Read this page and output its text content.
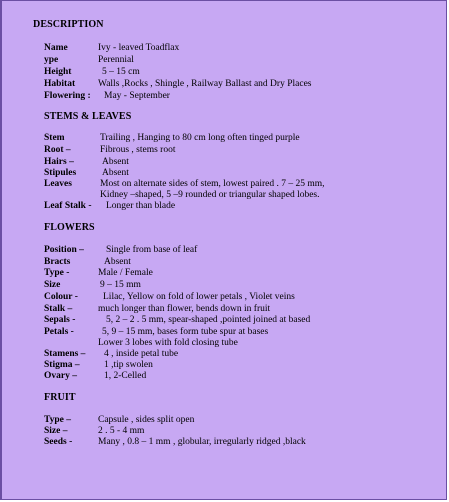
DESCRIPTION
Name	Ivy - leaved Toadflax
ype	Perennial
Height	5 – 15 cm
Habitat Walls ,Rocks , Shingle , Railway Ballast and Dry Places
Flowering : May - September
STEMS & LEAVES
Stem	Trailing , Hanging to 80 cm long often tinged purple
Root –	Fibrous , stems root
Hairs –	Absent
Stipules	Absent
Leaves	Most on alternate sides of stem, lowest paired . 7 – 25 mm,
Kidney –shaped, 5 –9 rounded or triangular shaped lobes.
Leaf Stalk - Longer than blade
FLOWERS
Position – Single from base of leaf
Bracts	Absent
Type -	Male / Female
Size	9 – 15 mm
Colour -	Lilac, Yellow on fold of lower petals , Violet veins
Stalk –	much longer than flower, bends down in fruit
Sepals -	5, 2 – 2 . 5 mm, spear-shaped ,pointed joined at based
Petals -	5, 9 – 15 mm, bases form tube spur at bases
Lower 3 lobes with fold closing tube
Stamens – 4 , inside petal tube
Stigma –	1 ,tip swolen
Ovary –	1, 2-Celled
FRUIT
Type –	Capsule , sides split open
Size –	2 . 5 - 4 mm
Seeds -	Many , 0.8 – 1 mm , globular, irregularly ridged ,black
